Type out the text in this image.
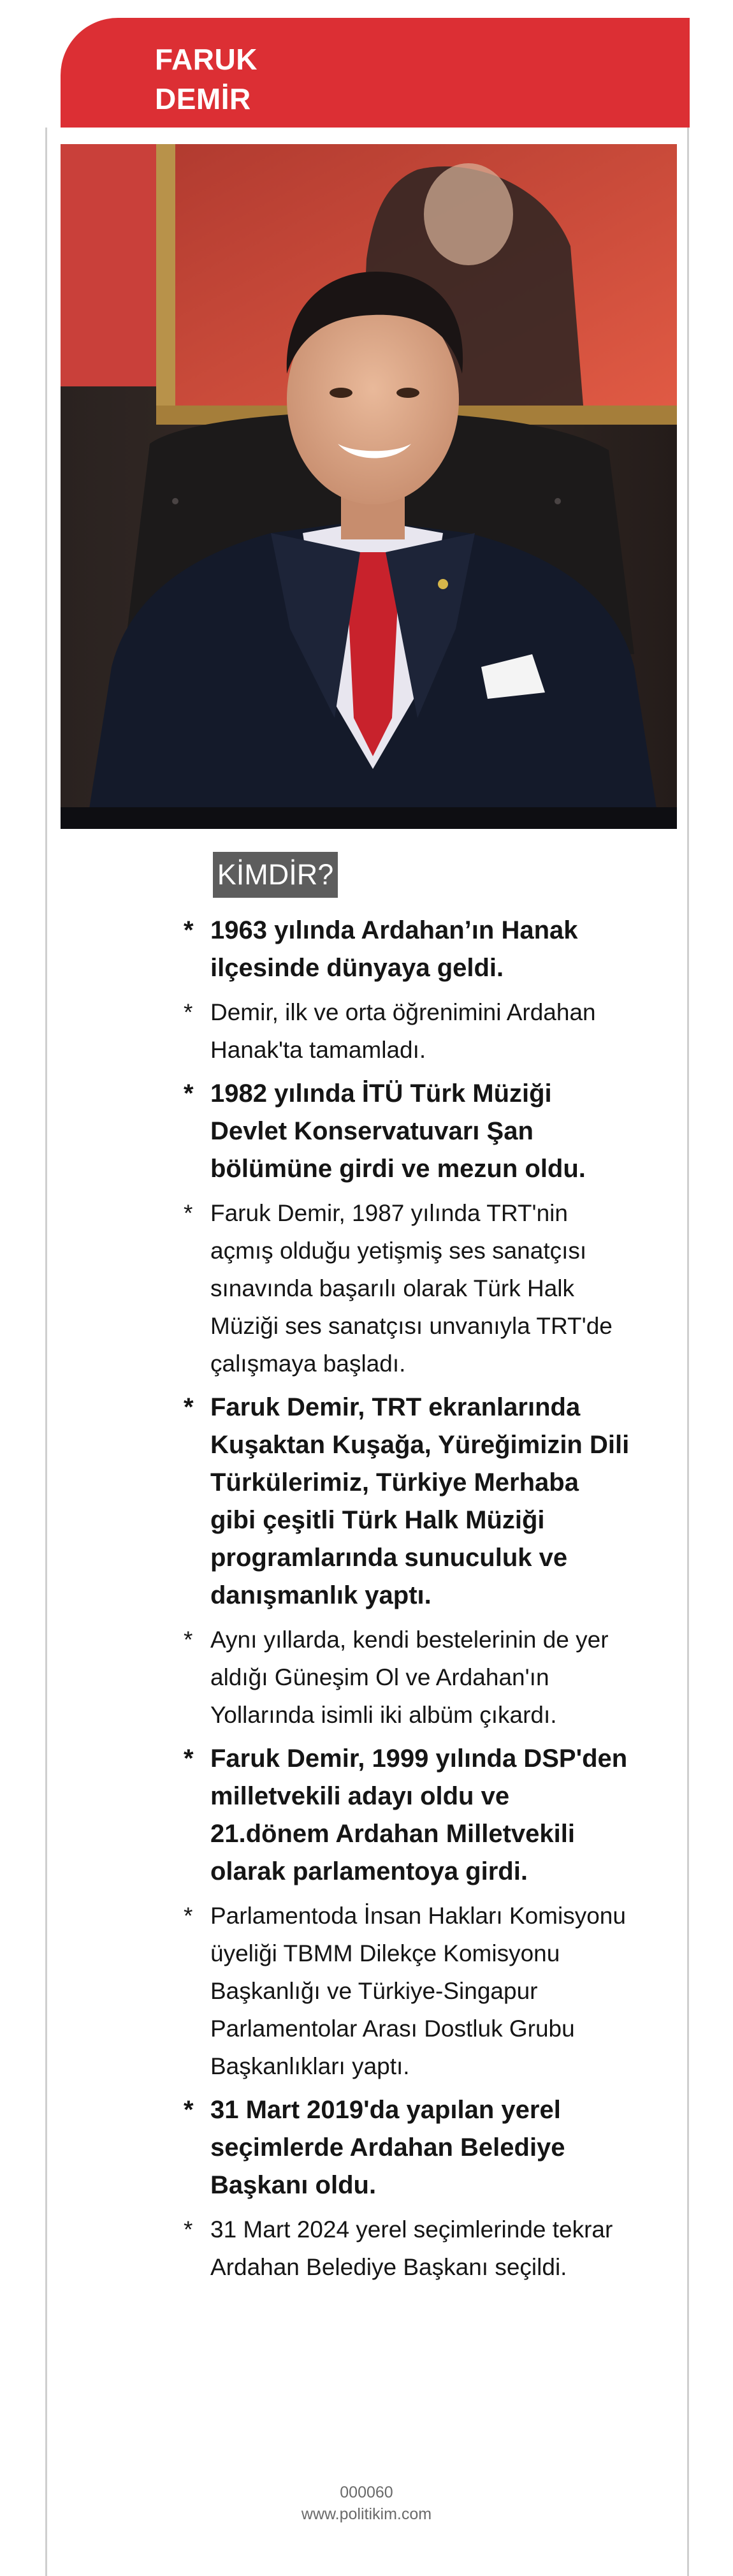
FARUK
DEMİR
KİMDİR?
* 1963 yılında Ardahan’ın Hanak ilçesinde dünyaya geldi.
* Demir, ilk ve orta öğrenimini Ardahan Hanak'ta tamamladı.
* 1982 yılında İTÜ Türk Müziği Devlet Konservatuvarı Şan bölümüne girdi ve mezun oldu.
* Faruk Demir, 1987 yılında TRT'nin açmış olduğu yetişmiş ses sanatçısı sınavında başarılı olarak Türk Halk Müziği ses sanatçısı unvanıyla TRT'de çalışmaya başladı.
* Faruk Demir, TRT ekranlarında Kuşaktan Kuşağa, Yüreğimizin Dili Türkülerimiz, Türkiye Merhaba gibi çeşitli Türk Halk Müziği programlarında sunuculuk ve danışmanlık yaptı.
* Aynı yıllarda, kendi bestelerinin de yer aldığı Güneşim Ol ve Ardahan'ın Yollarında isimli iki albüm çıkardı.
* Faruk Demir, 1999 yılında DSP'den milletvekili adayı oldu ve 21.dönem Ardahan Milletvekili olarak parlamentoya girdi.
* Parlamentoda İnsan Hakları Komisyonu üyeliği TBMM Dilekçe Komisyonu Başkanlığı ve Türkiye-Singapur Parlamentolar Arası Dostluk Grubu Başkanlıkları yaptı.
* 31 Mart 2019'da yapılan yerel seçimlerde Ardahan Belediye Başkanı oldu.
* 31 Mart 2024 yerel seçimlerinde tekrar Ardahan Belediye Başkanı seçildi.
000060
www.politikim.com
